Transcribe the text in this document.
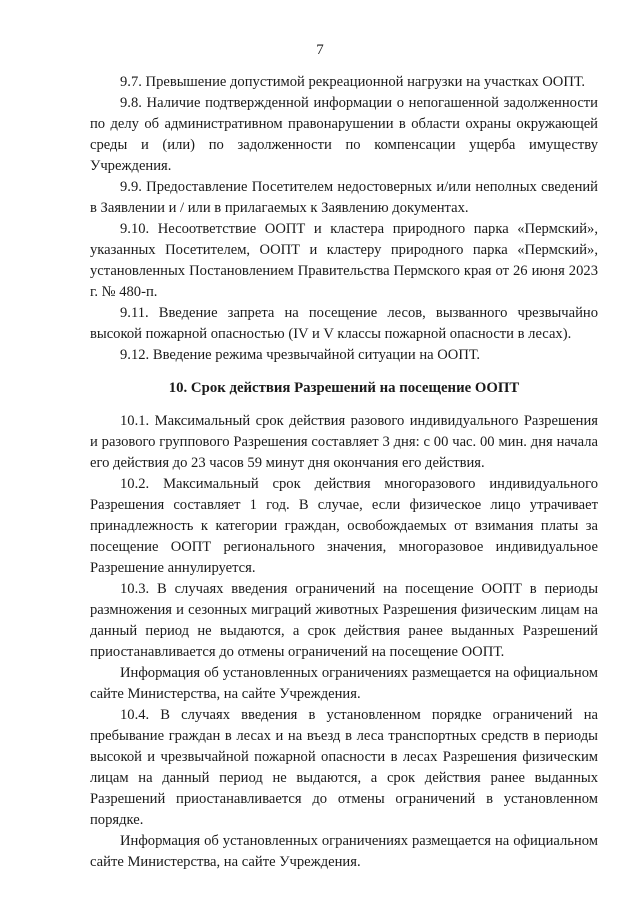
7

9.7. Превышение допустимой рекреационной нагрузки на участках ООПТ.

9.8. Наличие подтвержденной информации о непогашенной задолженности по делу об административном правонарушении в области охраны окружающей среды и (или) по задолженности по компенсации ущерба имуществу Учреждения.

9.9. Предоставление Посетителем недостоверных и/или неполных сведений в Заявлении и / или в прилагаемых к Заявлению документах.

9.10. Несоответствие ООПТ и кластера природного парка «Пермский», указанных Посетителем, ООПТ и кластеру природного парка «Пермский», установленных Постановлением Правительства Пермского края от 26 июня 2023 г. № 480-п.

9.11. Введение запрета на посещение лесов, вызванного чрезвычайно высокой пожарной опасностью (IV и V классы пожарной опасности в лесах).

9.12. Введение режима чрезвычайной ситуации на ООПТ.

10. Срок действия Разрешений на посещение ООПТ

10.1. Максимальный срок действия разового индивидуального Разрешения и разового группового Разрешения составляет 3 дня: с 00 час. 00 мин. дня начала его действия до 23 часов 59 минут дня окончания его действия.

10.2. Максимальный срок действия многоразового индивидуального Разрешения составляет 1 год. В случае, если физическое лицо утрачивает принадлежность к категории граждан, освобождаемых от взимания платы за посещение ООПТ регионального значения, многоразовое индивидуальное Разрешение аннулируется.

10.3. В случаях введения ограничений на посещение ООПТ в периоды размножения и сезонных миграций животных Разрешения физическим лицам на данный период не выдаются, а срок действия ранее выданных Разрешений приостанавливается до отмены ограничений на посещение ООПТ.

Информация об установленных ограничениях размещается на официальном сайте Министерства, на сайте Учреждения.

10.4. В случаях введения в установленном порядке ограничений на пребывание граждан в лесах и на въезд в леса транспортных средств в периоды высокой и чрезвычайной пожарной опасности в лесах Разрешения физическим лицам на данный период не выдаются, а срок действия ранее выданных Разрешений приостанавливается до отмены ограничений в установленном порядке.

Информация об установленных ограничениях размещается на официальном сайте Министерства, на сайте Учреждения.
